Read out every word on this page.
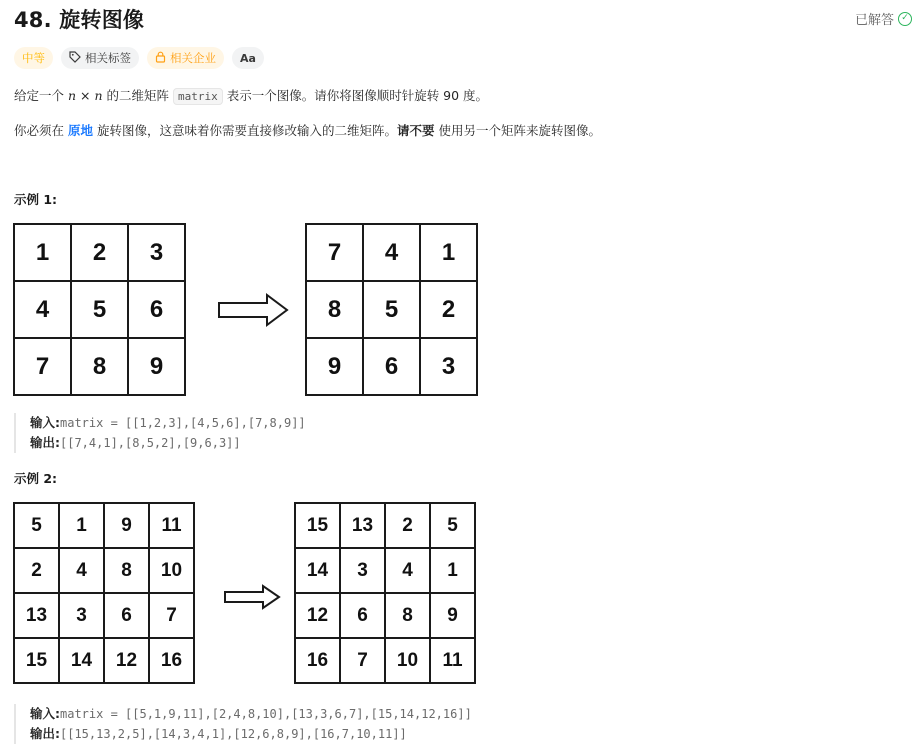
48. 旋转图像	已解答 ✓
中等	相关标签	相关企业 Aa
给定一个 n × n 的二维矩阵 matrix 表示一个图像。请你将图像顺时针旋转 90 度。
你必须在 原地 旋转图像，这意味着你需要直接修改输入的二维矩阵。请不要 使用另一个矩阵来旋转图像。
示例 1:
1	2	3
4	5	6
7	8	9
7	4	1
8	5	2
9	6	3
输入:matrix = [[1,2,3],[4,5,6],[7,8,9]]
输出:[[7,4,1],[8,5,2],[9,6,3]]
示例 2:
5	1	9	11
2	4	8	10
13	3	6	7
15	14	12	16
15	13	2	5
14	3	4	1
12	6	8	9
16	7	10	11
输入:matrix = [[5,1,9,11],[2,4,8,10],[13,3,6,7],[15,14,12,16]]
输出:[[15,13,2,5],[14,3,4,1],[12,6,8,9],[16,7,10,11]]
